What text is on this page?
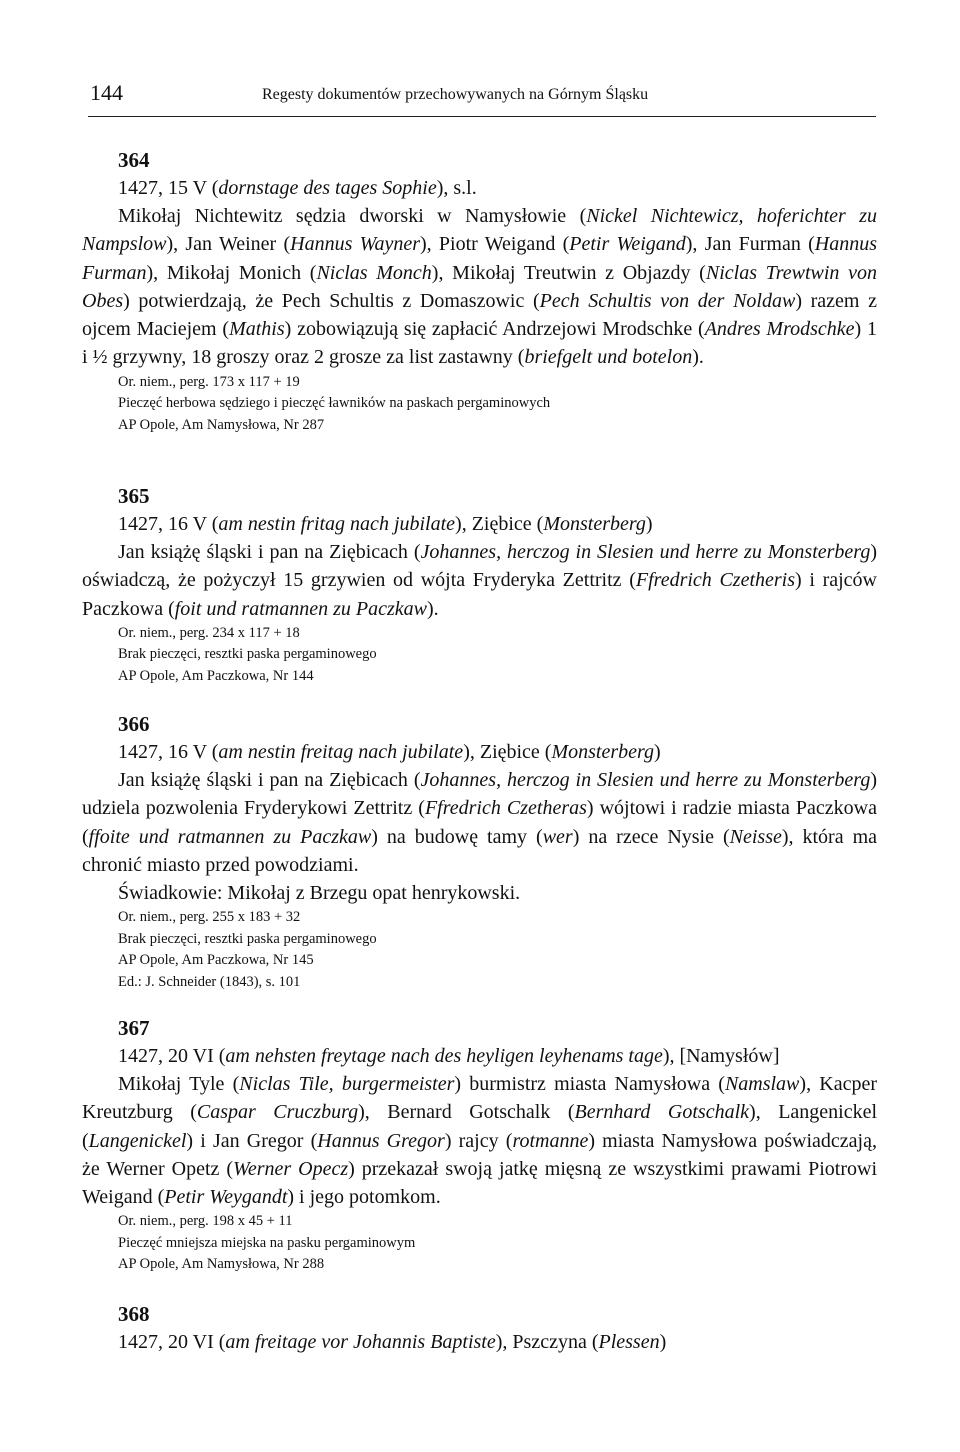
144	Regesty dokumentów przechowywanych na Górnym Śląsku
364
1427, 15 V (dornstage des tages Sophie), s.l.

Mikołaj Nichtewitz sędzia dworski w Namysłowie (Nickel Nichtewicz, hoferichter zu Nampslow), Jan Weiner (Hannus Wayner), Piotr Weigand (Petir Weigand), Jan Furman (Hannus Furman), Mikołaj Monich (Niclas Monch), Mikołaj Treutwin z Objazdy (Niclas Trewtwin von Obes) potwierdzają, że Pech Schultis z Domaszowic (Pech Schultis von der Noldaw) razem z ojcem Maciejem (Mathis) zobowiązują się zapłacić Andrzejowi Mrodschke (Andres Mrodschke) 1 i ½ grzywny, 18 groszy oraz 2 grosze za list zastawny (briefgelt und botelon).

Or. niem., perg. 173 x 117 + 19
Pieczęć herbowa sędziego i pieczęć ławników na paskach pergaminowych
AP Opole, Am Namysłowa, Nr 287
365
1427, 16 V (am nestin fritag nach jubilate), Ziębice (Monsterberg)

Jan książę śląski i pan na Ziębicach (Johannes, herczog in Slesien und herre zu Monsterberg) oświadczą, że pożyczył 15 grzywien od wójta Fryderyka Zettritz (Ffredrich Czetheris) i rajców Paczkowa (foit und ratmannen zu Paczkaw).

Or. niem., perg. 234 x 117 + 18
Brak pieczęci, resztki paska pergaminowego
AP Opole, Am Paczkowa, Nr 144
366
1427, 16 V (am nestin freitag nach jubilate), Ziębice (Monsterberg)

Jan książę śląski i pan na Ziębicach (Johannes, herczog in Slesien und herre zu Monsterberg) udziela pozwolenia Fryderykowi Zettritz (Ffredrich Czetheras) wójtowi i radzie miasta Paczkowa (ffoite und ratmannen zu Paczkaw) na budowę tamy (wer) na rzece Nysie (Neisse), która ma chronić miasto przed powodziami.

Świadkowie: Mikołaj z Brzegu opat henrykowski.
Or. niem., perg. 255 x 183 + 32
Brak pieczęci, resztki paska pergaminowego
AP Opole, Am Paczkowa, Nr 145
Ed.: J. Schneider (1843), s. 101
367
1427, 20 VI (am nehsten freytage nach des heyligen leyhenams tage), [Namysłów]

Mikołaj Tyle (Niclas Tile, burgermeister) burmistrz miasta Namysłowa (Namslaw), Kacper Kreutzburg (Caspar Cruczburg), Bernard Gotschalk (Bernhard Gotschalk), Langenickel (Langenickel) i Jan Gregor (Hannus Gregor) rajcy (rotmanne) miasta Namysłowa poświadczają, że Werner Opetz (Werner Opecz) przekazał swoją jatkę mięsną ze wszystkimi prawami Piotrowi Weigand (Petir Weygandt) i jego potomkom.

Or. niem., perg. 198 x 45 + 11
Pieczęć mniejsza miejska na pasku pergaminowym
AP Opole, Am Namysłowa, Nr 288
368
1427, 20 VI (am freitage vor Johannis Baptiste), Pszczyna (Plessen)
